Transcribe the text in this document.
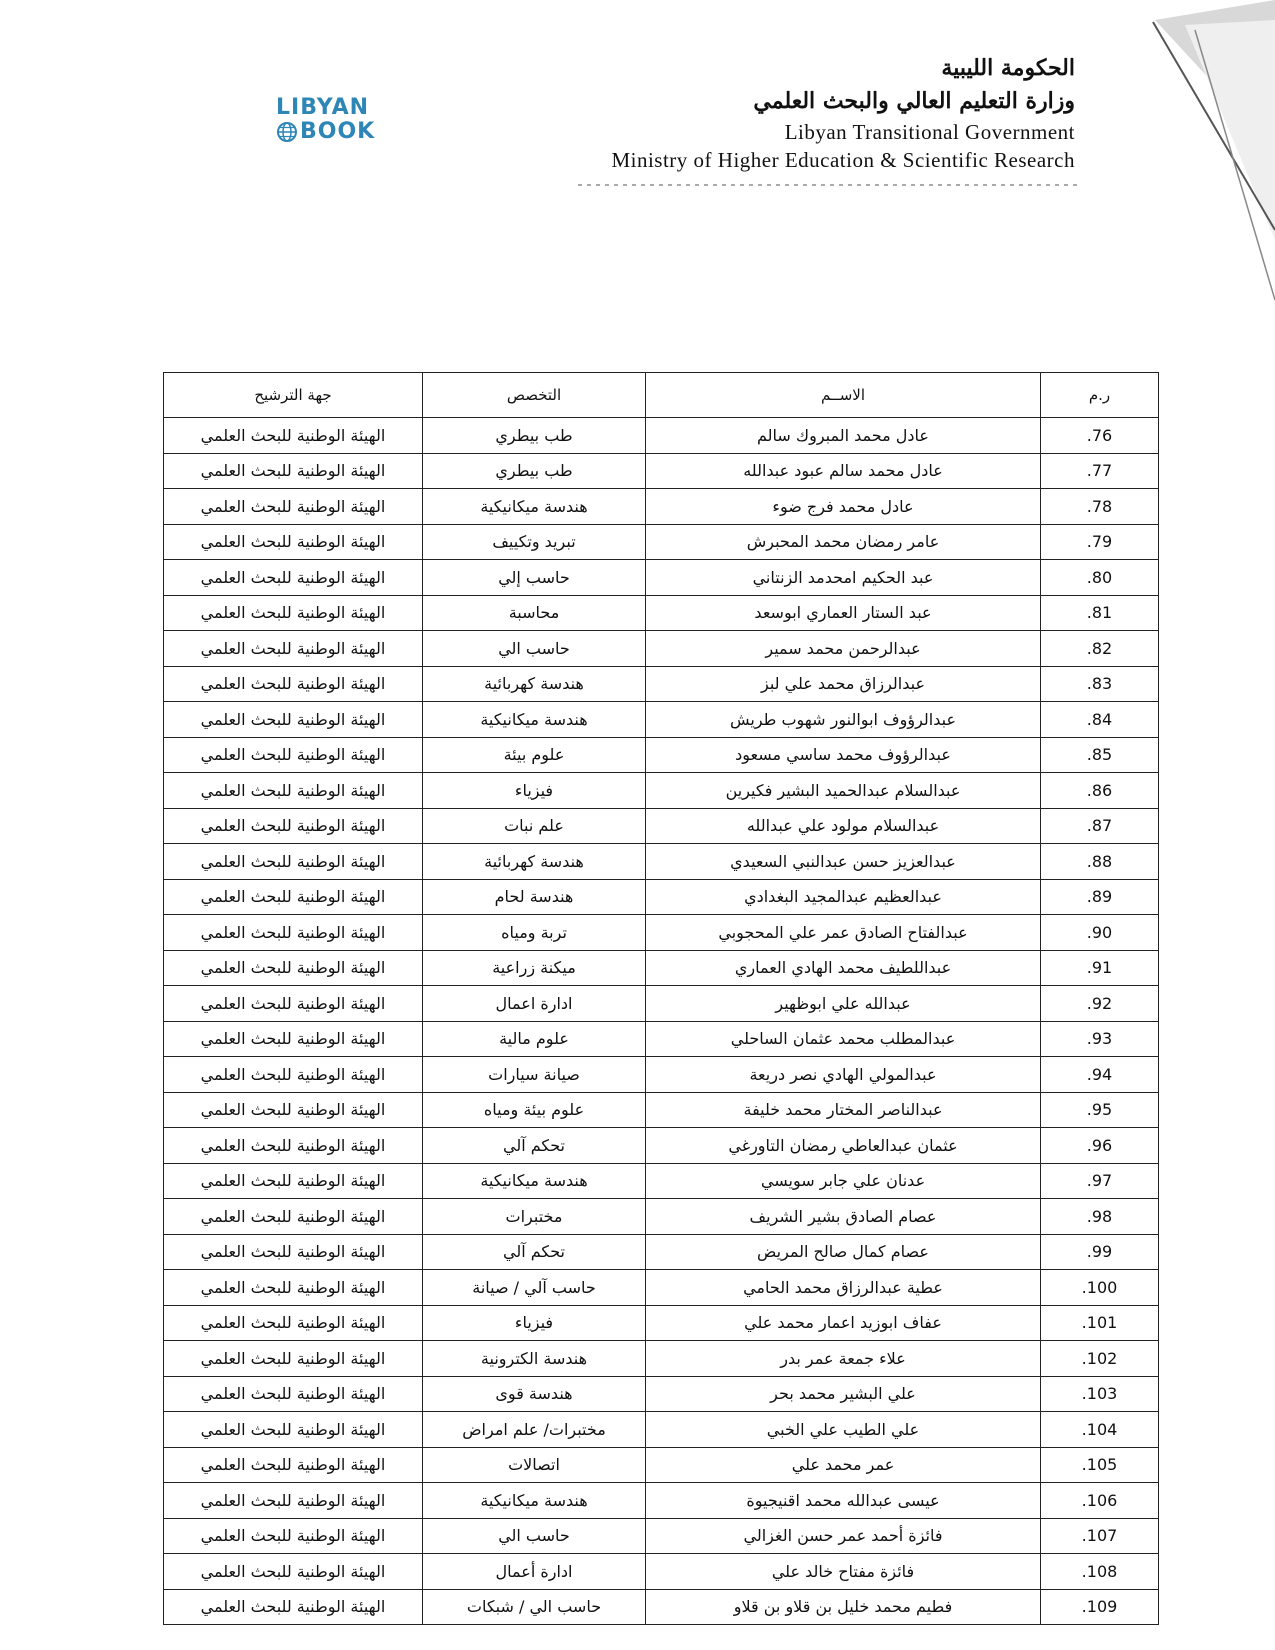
LIBYAN
BOOK
الحكومة الليبية
وزارة التعليم العالي والبحث العلمي
Libyan Transitional Government
Ministry of Higher Education & Scientific Research
ر.م	الاســم	التخصص	جهة الترشيح
76.	عادل محمد المبروك سالم	طب بيطري	الهيئة الوطنية للبحث العلمي
77.	عادل محمد سالم عبود عبدالله	طب بيطري	الهيئة الوطنية للبحث العلمي
78.	عادل محمد فرج ضوء	هندسة ميكانيكية	الهيئة الوطنية للبحث العلمي
79.	عامر رمضان محمد المحبرش	تبريد وتكييف	الهيئة الوطنية للبحث العلمي
80.	عبد الحكيم امحدمد الزنتاني	حاسب إلي	الهيئة الوطنية للبحث العلمي
81.	عبد الستار العماري ابوسعد	محاسبة	الهيئة الوطنية للبحث العلمي
82.	عبدالرحمن محمد سمير	حاسب الي	الهيئة الوطنية للبحث العلمي
83.	عبدالرزاق محمد علي لبز	هندسة كهربائية	الهيئة الوطنية للبحث العلمي
84.	عبدالرؤوف ابوالنور شهوب طريش	هندسة ميكانيكية	الهيئة الوطنية للبحث العلمي
85.	عبدالرؤوف محمد ساسي مسعود	علوم بيئة	الهيئة الوطنية للبحث العلمي
86.	عبدالسلام عبدالحميد البشير فكيرين	فيزياء	الهيئة الوطنية للبحث العلمي
87.	عبدالسلام مولود علي عبدالله	علم نبات	الهيئة الوطنية للبحث العلمي
88.	عبدالعزيز حسن عبدالنبي السعيدي	هندسة كهربائية	الهيئة الوطنية للبحث العلمي
89.	عبدالعظيم عبدالمجيد البغدادي	هندسة لحام	الهيئة الوطنية للبحث العلمي
90.	عبدالفتاح الصادق عمر علي المحجوبي	تربة ومياه	الهيئة الوطنية للبحث العلمي
91.	عبداللطيف محمد الهادي العماري	ميكنة زراعية	الهيئة الوطنية للبحث العلمي
92.	عبدالله علي ابوظهير	ادارة اعمال	الهيئة الوطنية للبحث العلمي
93.	عبدالمطلب محمد عثمان الساحلي	علوم مالية	الهيئة الوطنية للبحث العلمي
94.	عبدالمولي الهادي نصر دريعة	صيانة سيارات	الهيئة الوطنية للبحث العلمي
95.	عبدالناصر المختار محمد خليفة	علوم بيئة ومياه	الهيئة الوطنية للبحث العلمي
96.	عثمان عبدالعاطي رمضان التاورغي	تحكم آلي	الهيئة الوطنية للبحث العلمي
97.	عدنان علي جابر سويسي	هندسة ميكانيكية	الهيئة الوطنية للبحث العلمي
98.	عصام الصادق بشير الشريف	مختبرات	الهيئة الوطنية للبحث العلمي
99.	عصام كمال صالح المريض	تحكم آلي	الهيئة الوطنية للبحث العلمي
100.	عطية عبدالرزاق محمد الحامي	حاسب آلي / صيانة	الهيئة الوطنية للبحث العلمي
101.	عفاف ابوزيد اعمار محمد علي	فيزياء	الهيئة الوطنية للبحث العلمي
102.	علاء جمعة عمر بدر	هندسة الكترونية	الهيئة الوطنية للبحث العلمي
103.	علي البشير محمد بحر	هندسة قوى	الهيئة الوطنية للبحث العلمي
104.	علي الطيب علي الخبي	مختبرات/ علم امراض	الهيئة الوطنية للبحث العلمي
105.	عمر محمد علي	اتصالات	الهيئة الوطنية للبحث العلمي
106.	عيسى عبدالله محمد اقنيجيوة	هندسة ميكانيكية	الهيئة الوطنية للبحث العلمي
107.	فائزة أحمد عمر حسن الغزالي	حاسب الي	الهيئة الوطنية للبحث العلمي
108.	فائزة مفتاح خالد علي	ادارة أعمال	الهيئة الوطنية للبحث العلمي
109.	فطيم محمد خليل بن قلاو بن قلاو	حاسب الي / شبكات	الهيئة الوطنية للبحث العلمي
